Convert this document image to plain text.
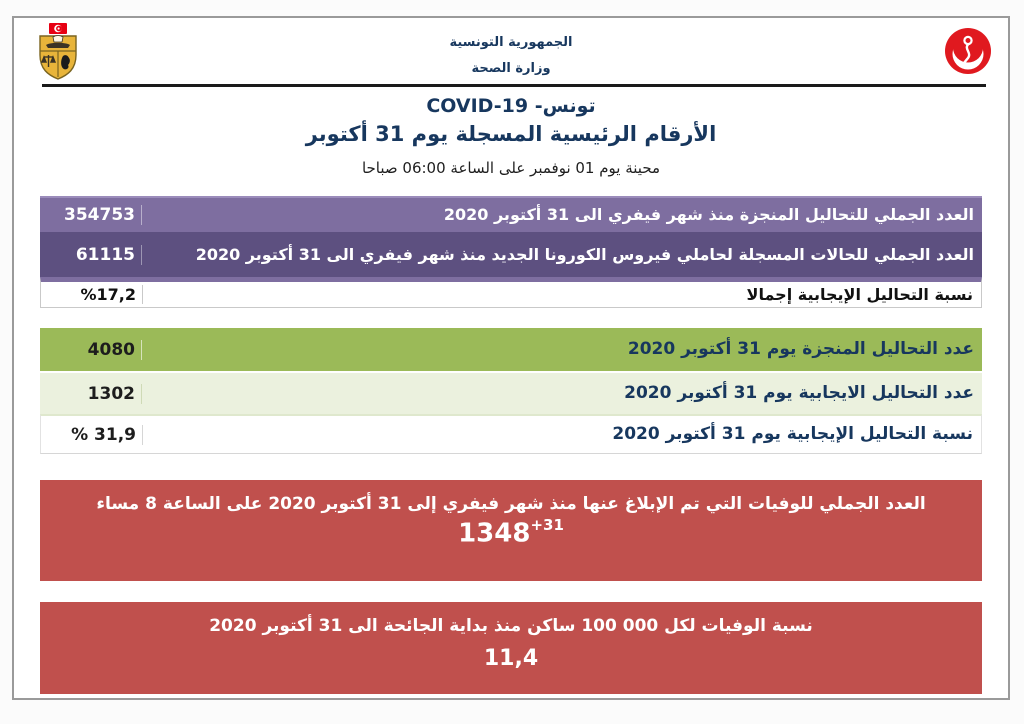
الجمهورية التونسية
وزارة الصحة
COVID-19 -تونس
الأرقام الرئيسية المسجلة يوم 31 أكتوبر
محينة يوم 01 نوفمبر على الساعة 06:00 صباحا
354753	العدد الجملي للتحاليل المنجزة منذ شهر فيفري الى 31 أكتوبر 2020
61115	العدد الجملي للحالات المسجلة لحاملي فيروس الكورونا الجديد منذ شهر فيفري الى 31 أكتوبر 2020
%17,2	نسبة التحاليل الإيجابية إجمالا
4080	عدد التحاليل المنجزة يوم 31 أكتوبر 2020
1302	عدد التحاليل الايجابية يوم 31 أكتوبر 2020
% 31,9	نسبة التحاليل الإيجابية يوم 31 أكتوبر 2020
العدد الجملي للوفيات التي تم الإبلاغ عنها منذ شهر فيفري إلى 31 أكتوبر 2020 على الساعة 8 مساء
$1348^{+31}$
نسبة الوفيات لكل ‪100 000‬ ساكن منذ بداية الجائحة الى 31 أكتوبر 2020
11,4
